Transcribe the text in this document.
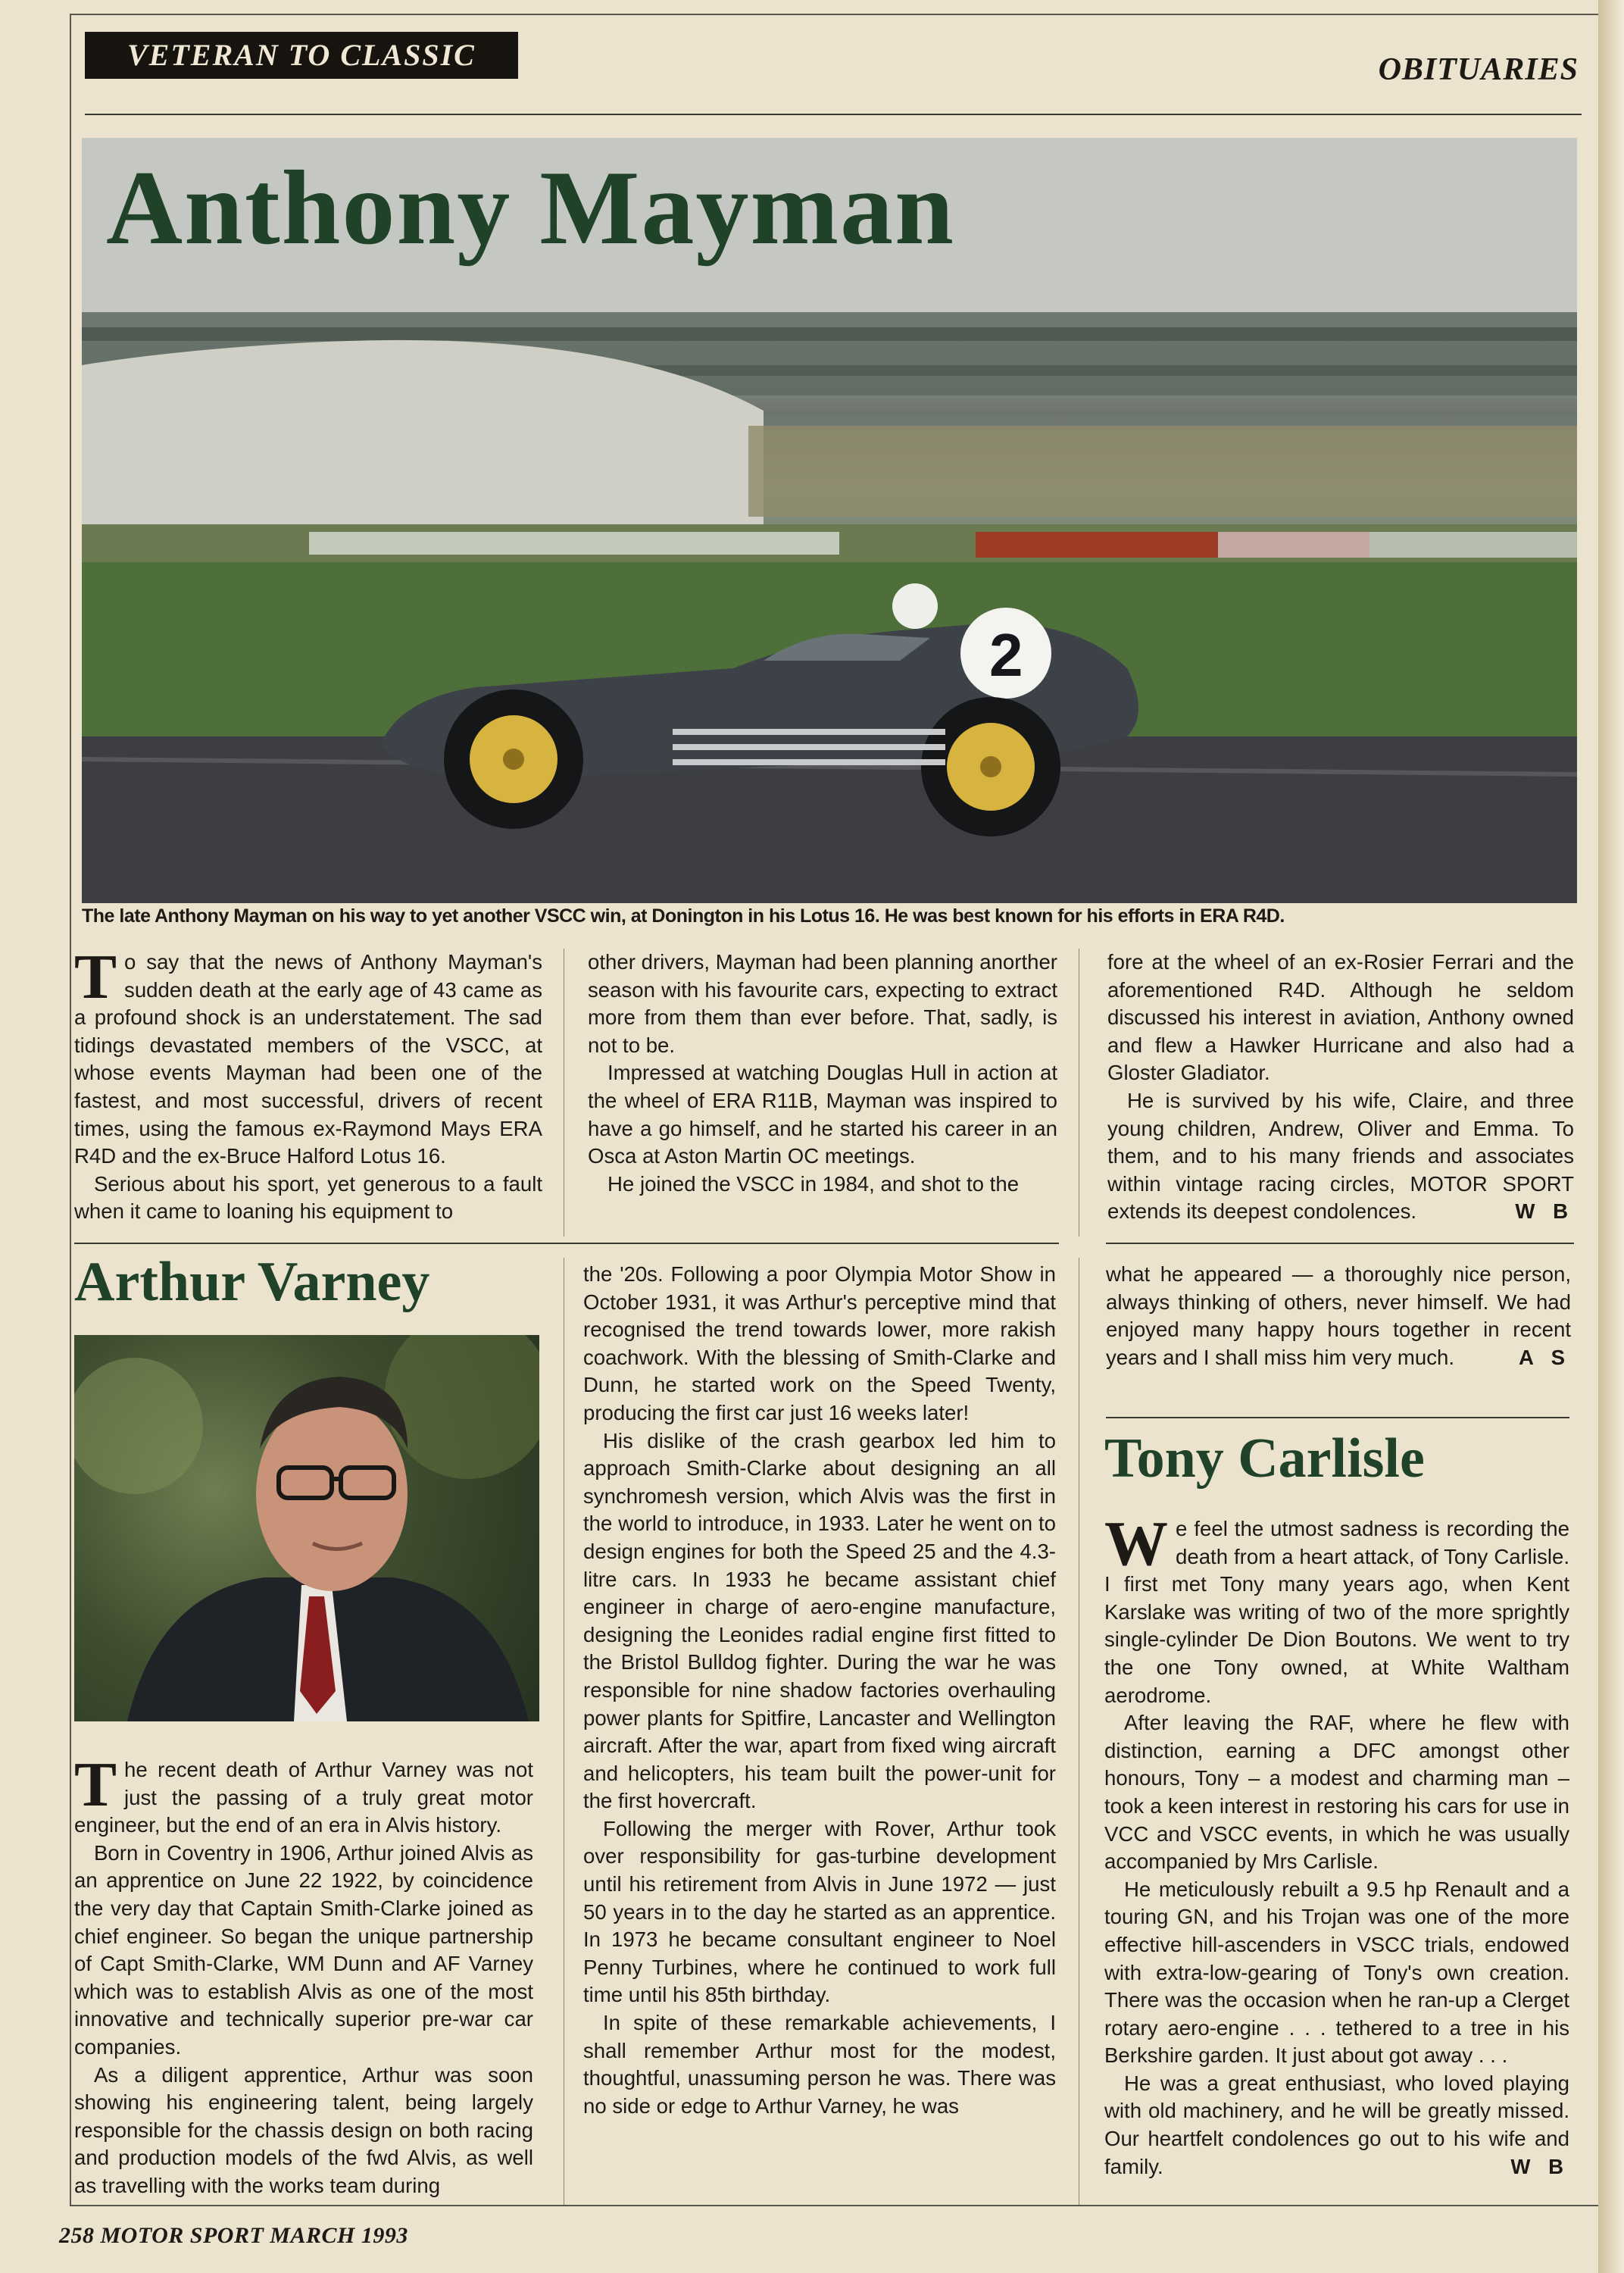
VETERAN TO CLASSIC	OBITUARIES
2
Anthony Mayman
The late Anthony Mayman on his way to yet another VSCC win, at Donington in his Lotus 16. He was best known for his efforts in ERA R4D.
T o say that the news of Anthony Mayman's sudden death at the early age of 43 came as a profound shock is an understatement. The sad tidings devastated members of the VSCC, at whose events Mayman had been one of the fastest, and most successful, drivers of recent times, using the famous ex-Raymond Mays ERA R4D and the ex-Bruce Halford Lotus 16.

Serious about his sport, yet generous to a fault when it came to loaning his equipment to

other drivers, Mayman had been planning anorther season with his favourite cars, expecting to extract more from them than ever before. That, sadly, is not to be.

Impressed at watching Douglas Hull in action at the wheel of ERA R11B, Mayman was inspired to have a go himself, and he started his career in an Osca at Aston Martin OC meetings.

He joined the VSCC in 1984, and shot to the

fore at the wheel of an ex-Rosier Ferrari and the aforementioned R4D. Although he seldom discussed his interest in aviation, Anthony owned and flew a Hawker Hurricane and also had a Gloster Gladiator.

He is survived by his wife, Claire, and three young children, Andrew, Oliver and Emma. To them, and to his many friends and associates within vintage racing circles, MOTOR SPORT extends its deepest condolences.	W B

Arthur Varney
T he recent death of Arthur Varney was not just the passing of a truly great motor engineer, but the end of an era in Alvis history.

Born in Coventry in 1906, Arthur joined Alvis as an apprentice on June 22 1922, by coincidence the very day that Captain Smith-Clarke joined as chief engineer. So began the unique partnership of Capt Smith-Clarke, WM Dunn and AF Varney which was to establish Alvis as one of the most innovative and technically superior pre-war car companies.

As a diligent apprentice, Arthur was soon showing his engineering talent, being largely responsible for the chassis design on both racing and production models of the fwd Alvis, as well as travelling with the works team during

the '20s. Following a poor Olympia Motor Show in October 1931, it was Arthur's perceptive mind that recognised the trend towards lower, more rakish coachwork. With the blessing of Smith-Clarke and Dunn, he started work on the Speed Twenty, producing the first car just 16 weeks later!

His dislike of the crash gearbox led him to approach Smith-Clarke about designing an all synchromesh version, which Alvis was the first in the world to introduce, in 1933. Later he went on to design engines for both the Speed 25 and the 4.3-litre cars. In 1933 he became assistant chief engineer in charge of aero-engine manufacture, designing the Leonides radial engine first fitted to the Bristol Bulldog fighter. During the war he was responsible for nine shadow factories overhauling power plants for Spitfire, Lancaster and Wellington aircraft. After the war, apart from fixed wing aircraft and helicopters, his team built the power-unit for the first hovercraft.

Following the merger with Rover, Arthur took over responsibility for gas-turbine development until his retirement from Alvis in June 1972 — just 50 years in to the day he started as an apprentice. In 1973 he became consultant engineer to Noel Penny Turbines, where he continued to work full time until his 85th birthday.

In spite of these remarkable achievements, I shall remember Arthur most for the modest, thoughtful, unassuming person he was. There was no side or edge to Arthur Varney, he was

what he appeared — a thoroughly nice person, always thinking of others, never himself. We had enjoyed many happy hours together in recent years and I shall miss him very much.	A S

Tony Carlisle
W e feel the utmost sadness is recording the death from a heart attack, of Tony Carlisle. I first met Tony many years ago, when Kent Karslake was writing of two of the more sprightly single-cylinder De Dion Boutons. We went to try the one Tony owned, at White Waltham aerodrome.

After leaving the RAF, where he flew with distinction, earning a DFC amongst other honours, Tony – a modest and charming man – took a keen interest in restoring his cars for use in VCC and VSCC events, in which he was usually accompanied by Mrs Carlisle.

He meticulously rebuilt a 9.5 hp Renault and a touring GN, and his Trojan was one of the more effective hill-ascenders in VSCC trials, endowed with extra-low-gearing of Tony's own creation. There was the occasion when he ran-up a Clerget rotary aero-engine . . . tethered to a tree in his Berkshire garden. It just about got away . . .

He was a great enthusiast, who loved playing with old machinery, and he will be greatly missed. Our heartfelt condolences go out to his wife and family.	W B

258 MOTOR SPORT MARCH 1993
